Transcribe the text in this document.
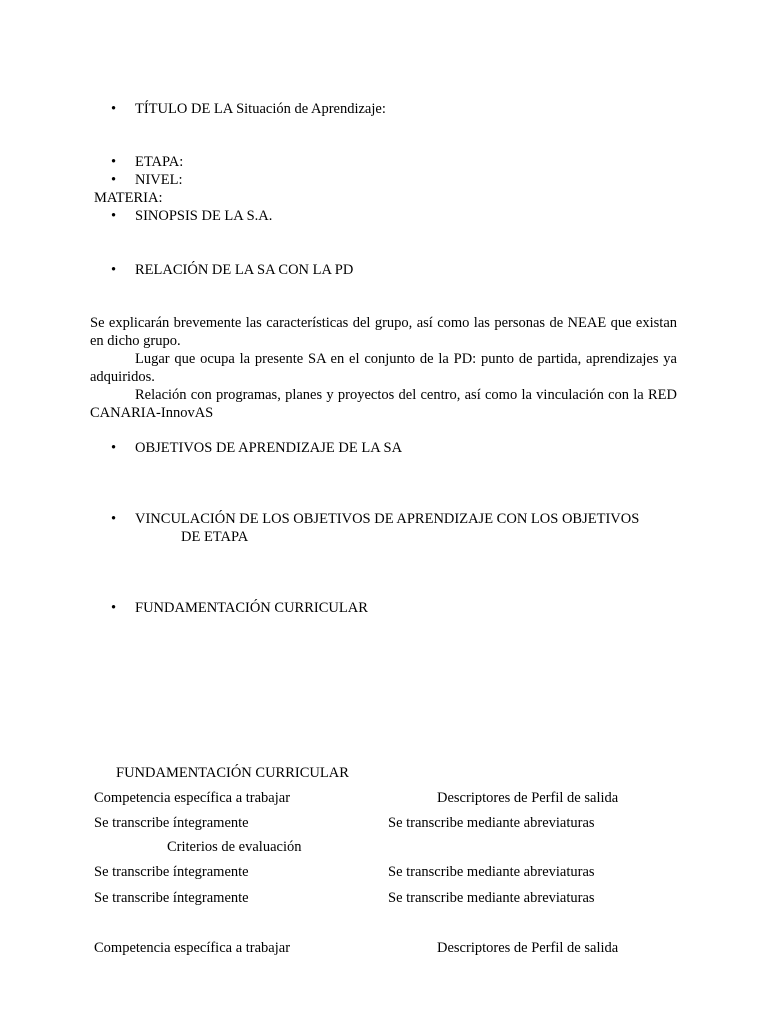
• TÍTULO DE LA Situación de Aprendizaje:
• ETAPA:
• NIVEL:
MATERIA:
• SINOPSIS DE LA S.A.
• RELACIÓN DE LA SA CON LA PD
Se explicarán brevemente las características del grupo, así como las personas de NEAE que existan en dicho grupo.
Lugar que ocupa la presente SA en el conjunto de la PD: punto de partida, aprendizajes ya adquiridos.
Relación con programas, planes y proyectos del centro, así como la vinculación con la RED CANARIA-InnovAS
• OBJETIVOS DE APRENDIZAJE DE LA SA
• VINCULACIÓN DE LOS OBJETIVOS DE APRENDIZAJE CON LOS OBJETIVOS
DE ETAPA
• FUNDAMENTACIÓN CURRICULAR
FUNDAMENTACIÓN CURRICULAR
Competencia específica a trabajar	Descriptores de Perfil de salida
Se transcribe íntegramente	Se transcribe mediante abreviaturas
Criterios de evaluación
Se transcribe íntegramente	Se transcribe mediante abreviaturas
Se transcribe íntegramente	Se transcribe mediante abreviaturas
Competencia específica a trabajar	Descriptores de Perfil de salida
